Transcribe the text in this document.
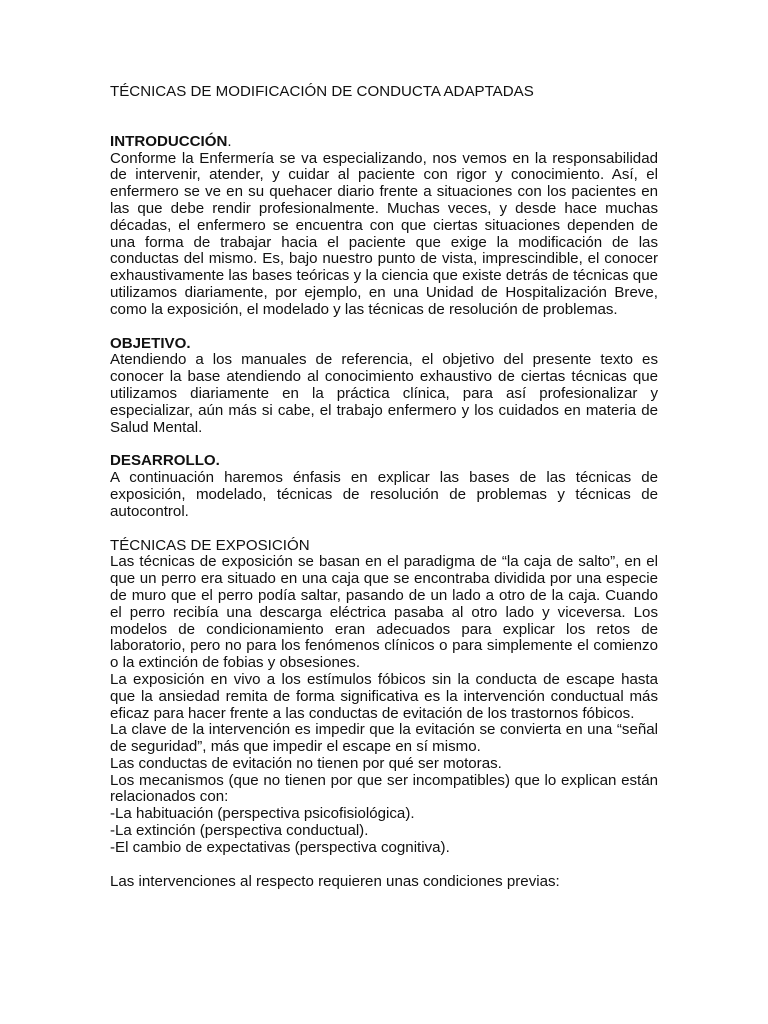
TÉCNICAS DE MODIFICACIÓN DE CONDUCTA ADAPTADAS

INTRODUCCIÓN.

Conforme la Enfermería se va especializando, nos vemos en la responsabilidad de intervenir, atender, y cuidar al paciente con rigor y conocimiento. Así, el enfermero se ve en su quehacer diario frente a situaciones con los pacientes en las que debe rendir profesionalmente. Muchas veces, y desde hace muchas décadas, el enfermero se encuentra con que ciertas situaciones dependen de una forma de trabajar hacia el paciente que exige la modificación de las conductas del mismo. Es, bajo nuestro punto de vista, imprescindible, el conocer exhaustivamente las bases teóricas y la ciencia que existe detrás de técnicas que utilizamos diariamente, por ejemplo, en una Unidad de Hospitalización Breve, como la exposición, el modelado y las técnicas de resolución de problemas.

OBJETIVO.

Atendiendo a los manuales de referencia, el objetivo del presente texto es conocer la base atendiendo al conocimiento exhaustivo de ciertas técnicas que utilizamos diariamente en la práctica clínica, para así profesionalizar y especializar, aún más si cabe, el trabajo enfermero y los cuidados en materia de Salud Mental.

DESARROLLO.

A continuación haremos énfasis en explicar las bases de las técnicas de exposición, modelado, técnicas de resolución de problemas y técnicas de autocontrol.

TÉCNICAS DE EXPOSICIÓN

Las técnicas de exposición se basan en el paradigma de “la caja de salto”, en el que un perro era situado en una caja que se encontraba dividida por una especie de muro que el perro podía saltar, pasando de un lado a otro de la caja. Cuando el perro recibía una descarga eléctrica pasaba al otro lado y viceversa. Los modelos de condicionamiento eran adecuados para explicar los retos de laboratorio, pero no para los fenómenos clínicos o para simplemente el comienzo o la extinción de fobias y obsesiones.

La exposición en vivo a los estímulos fóbicos sin la conducta de escape hasta que la ansiedad remita de forma significativa es la intervención conductual más eficaz para hacer frente a las conductas de evitación de los trastornos fóbicos.

La clave de la intervención es impedir que la evitación se convierta en una “señal de seguridad”, más que impedir el escape en sí mismo.

Las conductas de evitación no tienen por qué ser motoras.

Los mecanismos (que no tienen por que ser incompatibles) que lo explican están relacionados con:

-La habituación (perspectiva psicofisiológica).

-La extinción (perspectiva conductual).

-El cambio de expectativas (perspectiva cognitiva).

Las intervenciones al respecto requieren unas condiciones previas:
